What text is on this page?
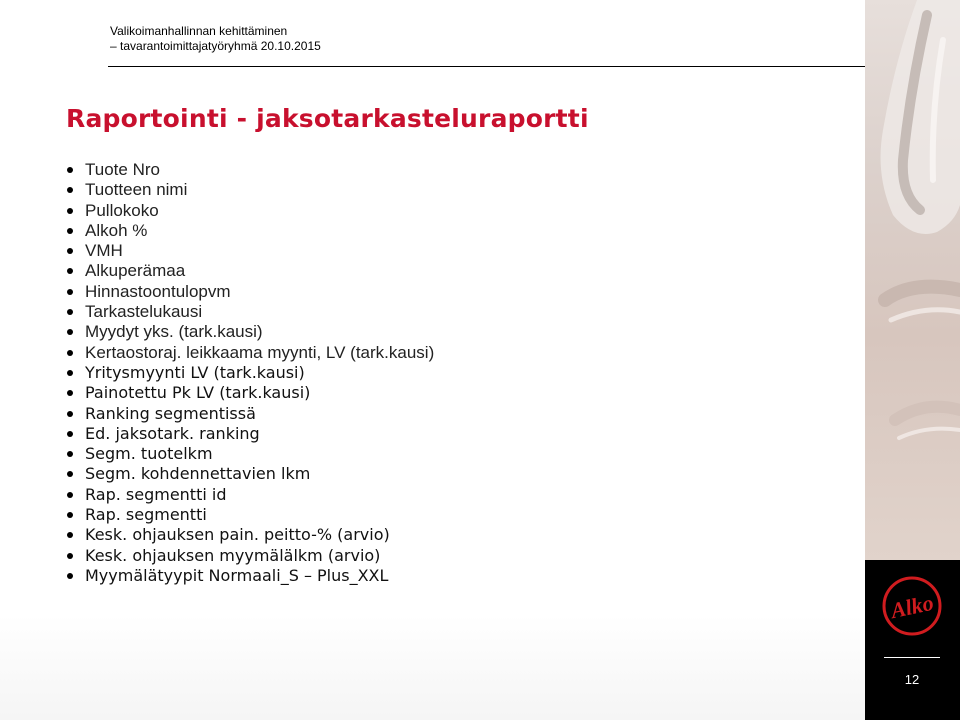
Valikoimanhallinnan kehittäminen
– tavarantoimittajatyöryhmä 20.10.2015
Raportointi - jaksotarkasteluraportti
Tuote Nro
Tuotteen nimi
Pullokoko
Alkoh %
VMH
Alkuperämaa
Hinnastoontulopvm
Tarkastelukausi
Myydyt yks. (tark.kausi)
Kertaostoraj. leikkaama myynti, LV (tark.kausi)
Yritysmyynti LV (tark.kausi)
Painotettu Pk LV (tark.kausi)
Ranking segmentissä
Ed. jaksotark. ranking
Segm. tuotelkm
Segm. kohdennettavien lkm
Rap. segmentti id
Rap. segmentti
Kesk. ohjauksen pain. peitto-% (arvio)
Kesk. ohjauksen myymälälkm (arvio)
Myymälätyypit Normaali_S – Plus_XXL
Alko
12
